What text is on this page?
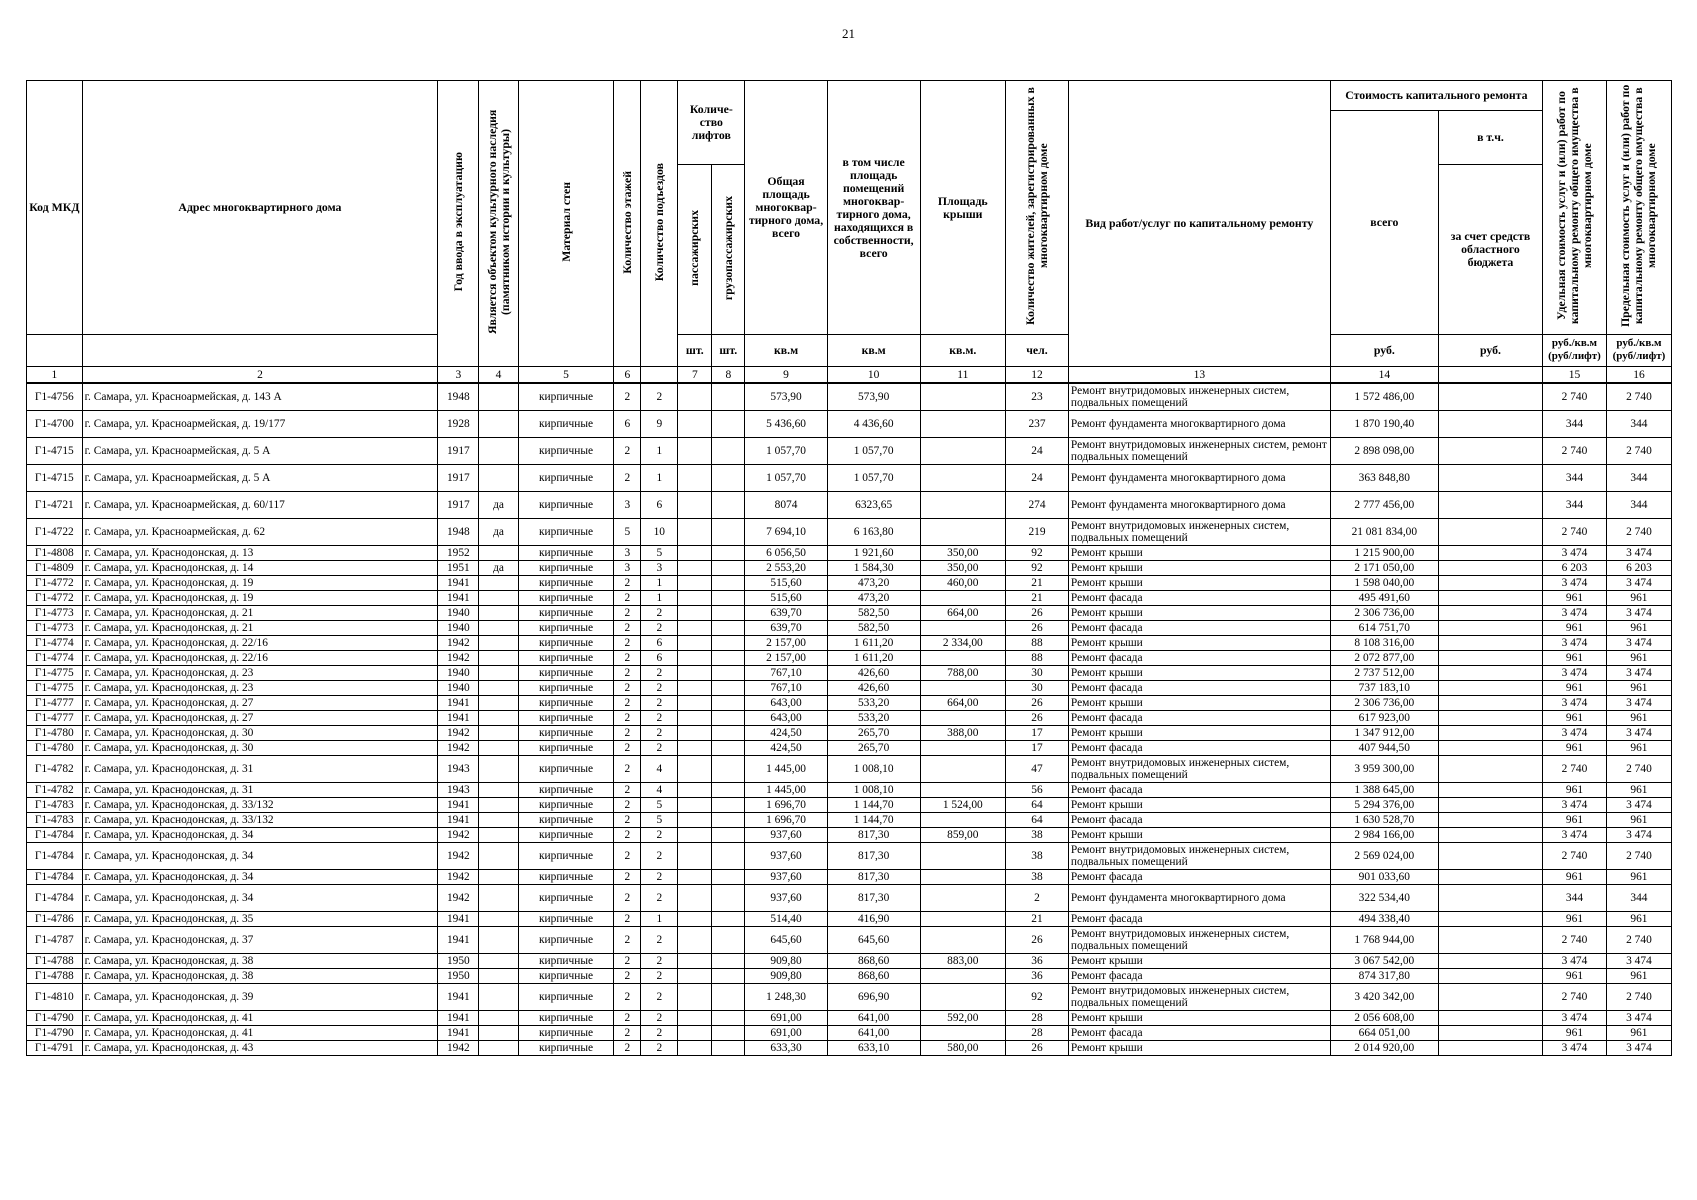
21
Код МКД	Адрес многоквартирного дома	Год ввода в эксплуатацию	Является объектом культурного наследия (памятником истории и культуры)	Материал стен	Количество этажей	Количество подъездов	Количе-ство лифтов		Общая площадь многоквар-тирного дома, всего	в том числе площадь помещений многоквар-тирного дома, находящихся в собственности, всего	Площадь крыши	Количество жителей, зарегистрированных в многоквартирном доме	Вид работ/услуг по капитальному ремонту	Стоимость капитального ремонта		Удельная стоимость услуг и (или) работ по капитальному ремонту общего имущества в многоквартирном доме	Предельная стоимость услуг и (или) работ по капитальному ремонту общего имущества в многоквартирном доме
														всего	в т.ч.		
							пассажирских	грузопассажирских							за счет средств областного бюджета		
							шт.	шт.	кв.м	кв.м	кв.м.	чел.		руб.	руб.	руб./кв.м (руб/лифт)	руб./кв.м (руб/лифт)
1	2	3	4	5	6		7	8	9	10	11	12	13	14		15	16
Г1-4756	г. Самара, ул. Красноармейская, д. 143 А	1948		кирпичные	2	2			573,90	573,90		23	Ремонт внутридомовых инженерных систем, подвальных помещений	1 572 486,00		2 740	2 740
Г1-4700	г. Самара, ул. Красноармейская, д. 19/177	1928		кирпичные	6	9			5 436,60	4 436,60		237	Ремонт фундамента многоквартирного дома	1 870 190,40		344	344
Г1-4715	г. Самара, ул. Красноармейская, д. 5 А	1917		кирпичные	2	1			1 057,70	1 057,70		24	Ремонт внутридомовых инженерных систем, ремонт подвальных помещений	2 898 098,00		2 740	2 740
Г1-4715	г. Самара, ул. Красноармейская, д. 5 А	1917		кирпичные	2	1			1 057,70	1 057,70		24	Ремонт фундамента многоквартирного дома	363 848,80		344	344
Г1-4721	г. Самара, ул. Красноармейская, д. 60/117	1917	да	кирпичные	3	6			8074	6323,65		274	Ремонт фундамента многоквартирного дома	2 777 456,00		344	344
Г1-4722	г. Самара, ул. Красноармейская, д. 62	1948	да	кирпичные	5	10			7 694,10	6 163,80		219	Ремонт внутридомовых инженерных систем, подвальных помещений	21 081 834,00		2 740	2 740
Г1-4808	г. Самара, ул. Краснодонская, д. 13	1952		кирпичные	3	5			6 056,50	1 921,60	350,00	92	Ремонт крыши	1 215 900,00		3 474	3 474
Г1-4809	г. Самара, ул. Краснодонская, д. 14	1951	да	кирпичные	3	3			2 553,20	1 584,30	350,00	92	Ремонт крыши	2 171 050,00		6 203	6 203
Г1-4772	г. Самара, ул. Краснодонская, д. 19	1941		кирпичные	2	1			515,60	473,20	460,00	21	Ремонт крыши	1 598 040,00		3 474	3 474
Г1-4772	г. Самара, ул. Краснодонская, д. 19	1941		кирпичные	2	1			515,60	473,20		21	Ремонт фасада	495 491,60		961	961
Г1-4773	г. Самара, ул. Краснодонская, д. 21	1940		кирпичные	2	2			639,70	582,50	664,00	26	Ремонт крыши	2 306 736,00		3 474	3 474
Г1-4773	г. Самара, ул. Краснодонская, д. 21	1940		кирпичные	2	2			639,70	582,50		26	Ремонт фасада	614 751,70		961	961
Г1-4774	г. Самара, ул. Краснодонская, д. 22/16	1942		кирпичные	2	6			2 157,00	1 611,20	2 334,00	88	Ремонт крыши	8 108 316,00		3 474	3 474
Г1-4774	г. Самара, ул. Краснодонская, д. 22/16	1942		кирпичные	2	6			2 157,00	1 611,20		88	Ремонт фасада	2 072 877,00		961	961
Г1-4775	г. Самара, ул. Краснодонская, д. 23	1940		кирпичные	2	2			767,10	426,60	788,00	30	Ремонт крыши	2 737 512,00		3 474	3 474
Г1-4775	г. Самара, ул. Краснодонская, д. 23	1940		кирпичные	2	2			767,10	426,60		30	Ремонт фасада	737 183,10		961	961
Г1-4777	г. Самара, ул. Краснодонская, д. 27	1941		кирпичные	2	2			643,00	533,20	664,00	26	Ремонт крыши	2 306 736,00		3 474	3 474
Г1-4777	г. Самара, ул. Краснодонская, д. 27	1941		кирпичные	2	2			643,00	533,20		26	Ремонт фасада	617 923,00		961	961
Г1-4780	г. Самара, ул. Краснодонская, д. 30	1942		кирпичные	2	2			424,50	265,70	388,00	17	Ремонт крыши	1 347 912,00		3 474	3 474
Г1-4780	г. Самара, ул. Краснодонская, д. 30	1942		кирпичные	2	2			424,50	265,70		17	Ремонт фасада	407 944,50		961	961
Г1-4782	г. Самара, ул. Краснодонская, д. 31	1943		кирпичные	2	4			1 445,00	1 008,10		47	Ремонт внутридомовых инженерных систем, подвальных помещений	3 959 300,00		2 740	2 740
Г1-4782	г. Самара, ул. Краснодонская, д. 31	1943		кирпичные	2	4			1 445,00	1 008,10		56	Ремонт фасада	1 388 645,00		961	961
Г1-4783	г. Самара, ул. Краснодонская, д. 33/132	1941		кирпичные	2	5			1 696,70	1 144,70	1 524,00	64	Ремонт крыши	5 294 376,00		3 474	3 474
Г1-4783	г. Самара, ул. Краснодонская, д. 33/132	1941		кирпичные	2	5			1 696,70	1 144,70		64	Ремонт фасада	1 630 528,70		961	961
Г1-4784	г. Самара, ул. Краснодонская, д. 34	1942		кирпичные	2	2			937,60	817,30	859,00	38	Ремонт крыши	2 984 166,00		3 474	3 474
Г1-4784	г. Самара, ул. Краснодонская, д. 34	1942		кирпичные	2	2			937,60	817,30		38	Ремонт внутридомовых инженерных систем, подвальных помещений	2 569 024,00		2 740	2 740
Г1-4784	г. Самара, ул. Краснодонская, д. 34	1942		кирпичные	2	2			937,60	817,30		38	Ремонт фасада	901 033,60		961	961
Г1-4784	г. Самара, ул. Краснодонская, д. 34	1942		кирпичные	2	2			937,60	817,30		2	Ремонт фундамента многоквартирного дома	322 534,40		344	344
Г1-4786	г. Самара, ул. Краснодонская, д. 35	1941		кирпичные	2	1			514,40	416,90		21	Ремонт фасада	494 338,40		961	961
Г1-4787	г. Самара, ул. Краснодонская, д. 37	1941		кирпичные	2	2			645,60	645,60		26	Ремонт внутридомовых инженерных систем, подвальных помещений	1 768 944,00		2 740	2 740
Г1-4788	г. Самара, ул. Краснодонская, д. 38	1950		кирпичные	2	2			909,80	868,60	883,00	36	Ремонт крыши	3 067 542,00		3 474	3 474
Г1-4788	г. Самара, ул. Краснодонская, д. 38	1950		кирпичные	2	2			909,80	868,60		36	Ремонт фасада	874 317,80		961	961
Г1-4810	г. Самара, ул. Краснодонская, д. 39	1941		кирпичные	2	2			1 248,30	696,90		92	Ремонт внутридомовых инженерных систем, подвальных помещений	3 420 342,00		2 740	2 740
Г1-4790	г. Самара, ул. Краснодонская, д. 41	1941		кирпичные	2	2			691,00	641,00	592,00	28	Ремонт крыши	2 056 608,00		3 474	3 474
Г1-4790	г. Самара, ул. Краснодонская, д. 41	1941		кирпичные	2	2			691,00	641,00		28	Ремонт фасада	664 051,00		961	961
Г1-4791	г. Самара, ул. Краснодонская, д. 43	1942		кирпичные	2	2			633,30	633,10	580,00	26	Ремонт крыши	2 014 920,00		3 474	3 474
